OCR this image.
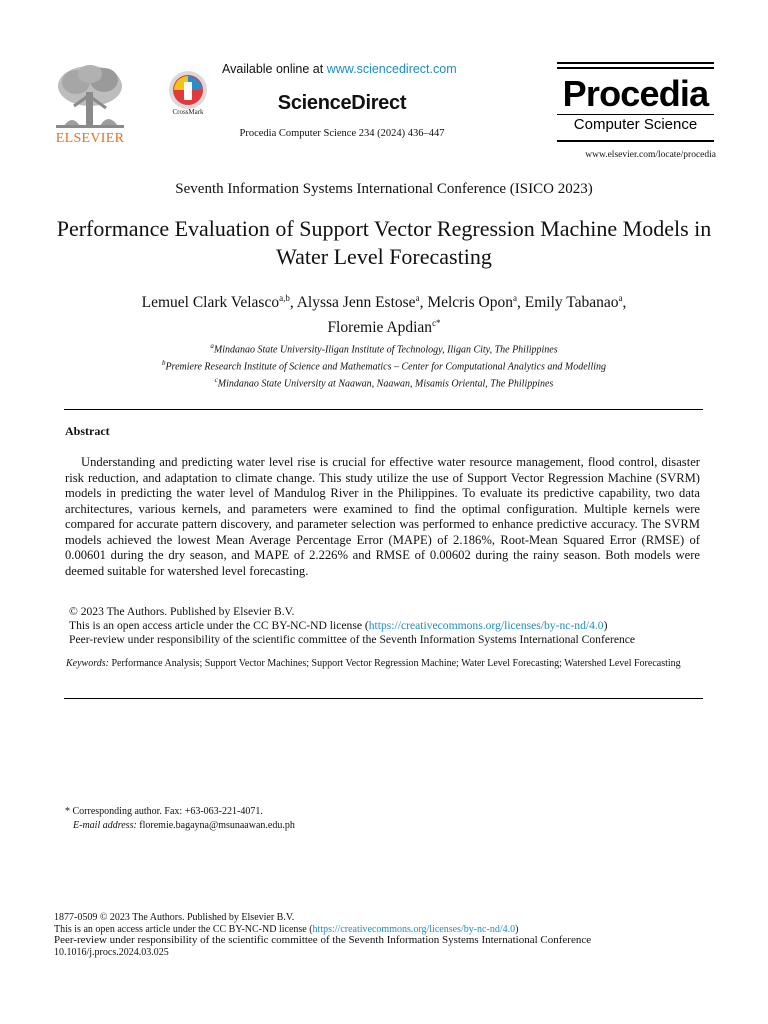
ELSEVIER
CrossMark
Available online at www.sciencedirect.com
ScienceDirect
Procedia Computer Science 234 (2024) 436–447
Procedia
Computer Science
www.elsevier.com/locate/procedia
Seventh Information Systems International Conference (ISICO 2023)
Performance Evaluation of Support Vector Regression Machine Models in Water Level Forecasting
Lemuel Clark Velasco$^{a,b}$, Alyssa Jenn Estose$^a$, Melcris Opon$^a$, Emily Tabanao$^a$,
Floremie Apdian$^{c*}$
$^a$Mindanao State University-Iligan Institute of Technology, Iligan City, The Philippines
$^b$Premiere Research Institute of Science and Mathematics – Center for Computational Analytics and Modelling
$^c$Mindanao State University at Naawan, Naawan, Misamis Oriental, The Philippines
Abstract
Understanding and predicting water level rise is crucial for effective water resource management, flood control, disaster risk reduction, and adaptation to climate change. This study utilize the use of Support Vector Regression Machine (SVRM) models in predicting the water level of Mandulog River in the Philippines. To evaluate its predictive capability, two data architectures, various kernels, and parameters were examined to find the optimal configuration. Multiple kernels were compared for accurate pattern discovery, and parameter selection was performed to enhance predictive accuracy. The SVRM models achieved the lowest Mean Average Percentage Error (MAPE) of 2.186%, Root-Mean Squared Error (RMSE) of 0.00601 during the dry season, and MAPE of 2.226% and RMSE of 0.00602 during the rainy season. Both models were deemed suitable for watershed level forecasting.
© 2023 The Authors. Published by Elsevier B.V.
This is an open access article under the CC BY-NC-ND license (https://creativecommons.org/licenses/by-nc-nd/4.0)
Peer-review under responsibility of the scientific committee of the Seventh Information Systems International Conference
Keywords: Performance Analysis; Support Vector Machines; Support Vector Regression Machine; Water Level Forecasting; Watershed Level Forecasting
* Corresponding author. Fax: +63-063-221-4071.
E-mail address: floremie.bagayna@msunaawan.edu.ph
1877-0509 © 2023 The Authors. Published by Elsevier B.V.
This is an open access article under the CC BY-NC-ND license (https://creativecommons.org/licenses/by-nc-nd/4.0)
Peer-review under responsibility of the scientific committee of the Seventh Information Systems International Conference
10.1016/j.procs.2024.03.025
